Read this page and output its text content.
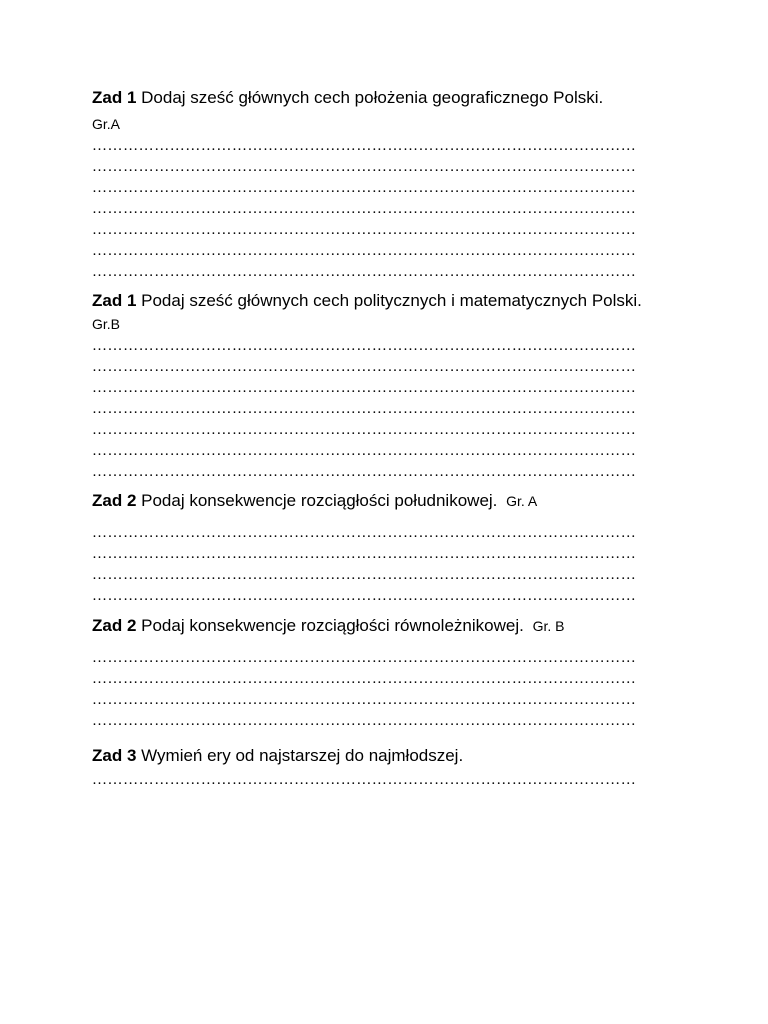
Zad 1 Dodaj sześć głównych cech położenia geograficznego Polski.
Gr.A
……………………………………………………………………………………………
……………………………………………………………………………………………
……………………………………………………………………………………………
……………………………………………………………………………………………
……………………………………………………………………………………………
……………………………………………………………………………………………
……………………………………………………………………………………………
Zad 1 Podaj sześć głównych cech politycznych i matematycznych Polski.
Gr.B
……………………………………………………………………………………………
……………………………………………………………………………………………
……………………………………………………………………………………………
……………………………………………………………………………………………
……………………………………………………………………………………………
……………………………………………………………………………………………
……………………………………………………………………………………………
Zad 2 Podaj konsekwencje rozciągłości południkowej. Gr. A
……………………………………………………………………………………………
……………………………………………………………………………………………
……………………………………………………………………………………………
……………………………………………………………………………………………
Zad 2 Podaj konsekwencje rozciągłości równoleżnikowej. Gr. B
……………………………………………………………………………………………
……………………………………………………………………………………………
……………………………………………………………………………………………
……………………………………………………………………………………………
Zad 3 Wymień ery od najstarszej do najmłodszej.
……………………………………………………………………………………………
